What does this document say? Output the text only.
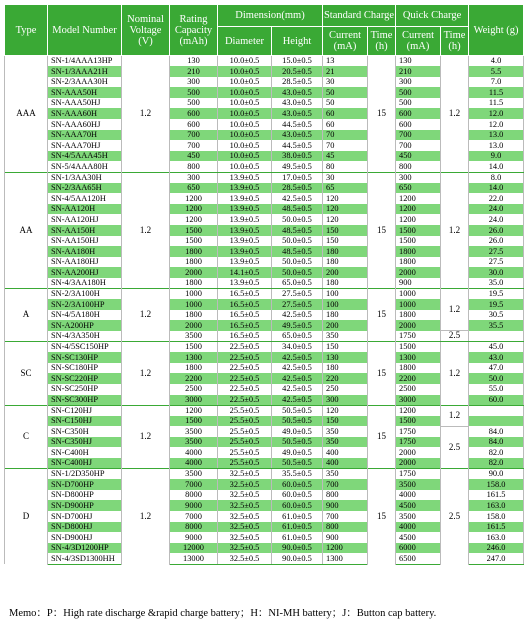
Type	Model Number	Nominal Voltage (V)	Rating Capacity (mAh)	Dimension(mm)		Standard Charge		Quick Charge		Weight (g)
				Diameter	Height	Current (mA)	Time (h)	Current (mA)	Time (h)	
AAA	SN-1/4AAA13HP	1.2	130	10.0±0.5	15.0±0.5	13	15	130	1.2	4.0
	SN-1/3AAA21H		210	10.0±0.5	20.5±0.5	21		210		5.5
	SN-2/3AAA30H		300	10.0±0.5	28.5±0.5	30		300		7.0
	SN-AAA50H		500	10.0±0.5	43.0±0.5	50		500		11.5
	SN-AAA50HJ		500	10.0±0.5	43.0±0.5	50		500		11.5
	SN-AAA60H		600	10.0±0.5	43.0±0.5	60		600		12.0
	SN-AAA60HJ		600	10.0±0.5	44.5±0.5	60		600		12.0
	SN-AAA70H		700	10.0±0.5	43.0±0.5	70		700		13.0
	SN-AAA70HJ		700	10.0±0.5	44.5±0.5	70		700		13.0
	SN-4/5AAA45H		450	10.0±0.5	38.0±0.5	45		450		9.0
	SN-5/4AAA80H		800	10.0±0.5	49.5±0.5	80		800		14.0
AA	SN-1/3AA30H	1.2	300	13.9±0.5	17.0±0.5	30	15	300	1.2	8.0
	SN-2/3AA65H		650	13.9±0.5	28.5±0.5	65		650		14.0
	SN-4/5AA120H		1200	13.9±0.5	42.5±0.5	120		1200		22.0
	SN-AA120H		1200	13.9±0.5	48.5±0.5	120		1200		24.0
	SN-AA120HJ		1200	13.9±0.5	50.0±0.5	120		1200		24.0
	SN-AA150H		1500	13.9±0.5	48.5±0.5	150		1500		26.0
	SN-AA150HJ		1500	13.9±0.5	50.0±0.5	150		1500		26.0
	SN-AA180H		1800	13.9±0.5	48.5±0.5	180		1800		27.5
	SN-AA180HJ		1800	13.9±0.5	50.0±0.5	180		1800		27.5
	SN-AA200HJ		2000	14.1±0.5	50.0±0.5	200		2000		30.0
	SN-4/3AA180H		1800	13.9±0.5	65.0±0.5	180		900		35.0
A	SN-2/3A100H	1.2	1000	16.5±0.5	27.5±0.5	100	15	1000	1.2	19.5
	SN-2/3A100HP		1000	16.5±0.5	27.5±0.5	100		1000		19.5
	SN-4/5A180H		1800	16.5±0.5	42.5±0.5	180		1800		30.5
	SN-A200HP		2000	16.5±0.5	49.5±0.5	200		2000		35.5
	SN-4/3A350H		3500	16.5±0.5	65.0±0.5	350		1750	2.5	
SC	SN-4/5SC150HP	1.2	1500	22.5±0.5	34.0±0.5	150	15	1500	1.2	45.0
	SN-SC130HP		1300	22.5±0.5	42.5±0.5	130		1300		43.0
	SN-SC180HP		1800	22.5±0.5	42.5±0.5	180		1800		47.0
	SN-SC220HP		2200	22.5±0.5	42.5±0.5	220		2200		50.0
	SN-SC250HP		2500	22.5±0.5	42.5±0.5	250		2500		55.0
	SN-SC300HP		3000	22.5±0.5	42.5±0.5	300		3000		60.0
C	SN-C120HJ	1.2	1200	25.5±0.5	50.5±0.5	120	15	1200	1.2	
	SN-C150HJ		1500	25.5±0.5	50.5±0.5	150		1500		
	SN-C350H		3500	25.5±0.5	49.0±0.5	350		1750	2.5	84.0
	SN-C350HJ		3500	25.5±0.5	50.5±0.5	350		1750		84.0
	SN-C400H		4000	25.5±0.5	49.0±0.5	400		2000		82.0
	SN-C400HJ		4000	25.5±0.5	50.5±0.5	400		2000		82.0
D	SN-1/2D350HP	1.2	3500	32.5±0.5	35.5±0.5	350	15	1750	2.5	90.0
	SN-D700HP		7000	32.5±0.5	60.0±0.5	700		3500		158.0
	SN-D800HP		8000	32.5±0.5	60.0±0.5	800		4000		161.5
	SN-D900HP		9000	32.5±0.5	60.0±0.5	900		4500		163.0
	SN-D700HJ		7000	32.5±0.5	61.0±0.5	700		3500		158.0
	SN-D800HJ		8000	32.5±0.5	61.0±0.5	800		4000		161.5
	SN-D900HJ		9000	32.5±0.5	61.0±0.5	900		4500		163.0
	SN-4/3D1200HP		12000	32.5±0.5	90.0±0.5	1200		6000		246.0
	SN-4/3SD1300HH		13000	32.5±0.5	90.0±0.5	1300		6500		247.0
Memo：P：High rate discharge &rapid charge battery；H：NI-MH battery；J：Button cap battery.
